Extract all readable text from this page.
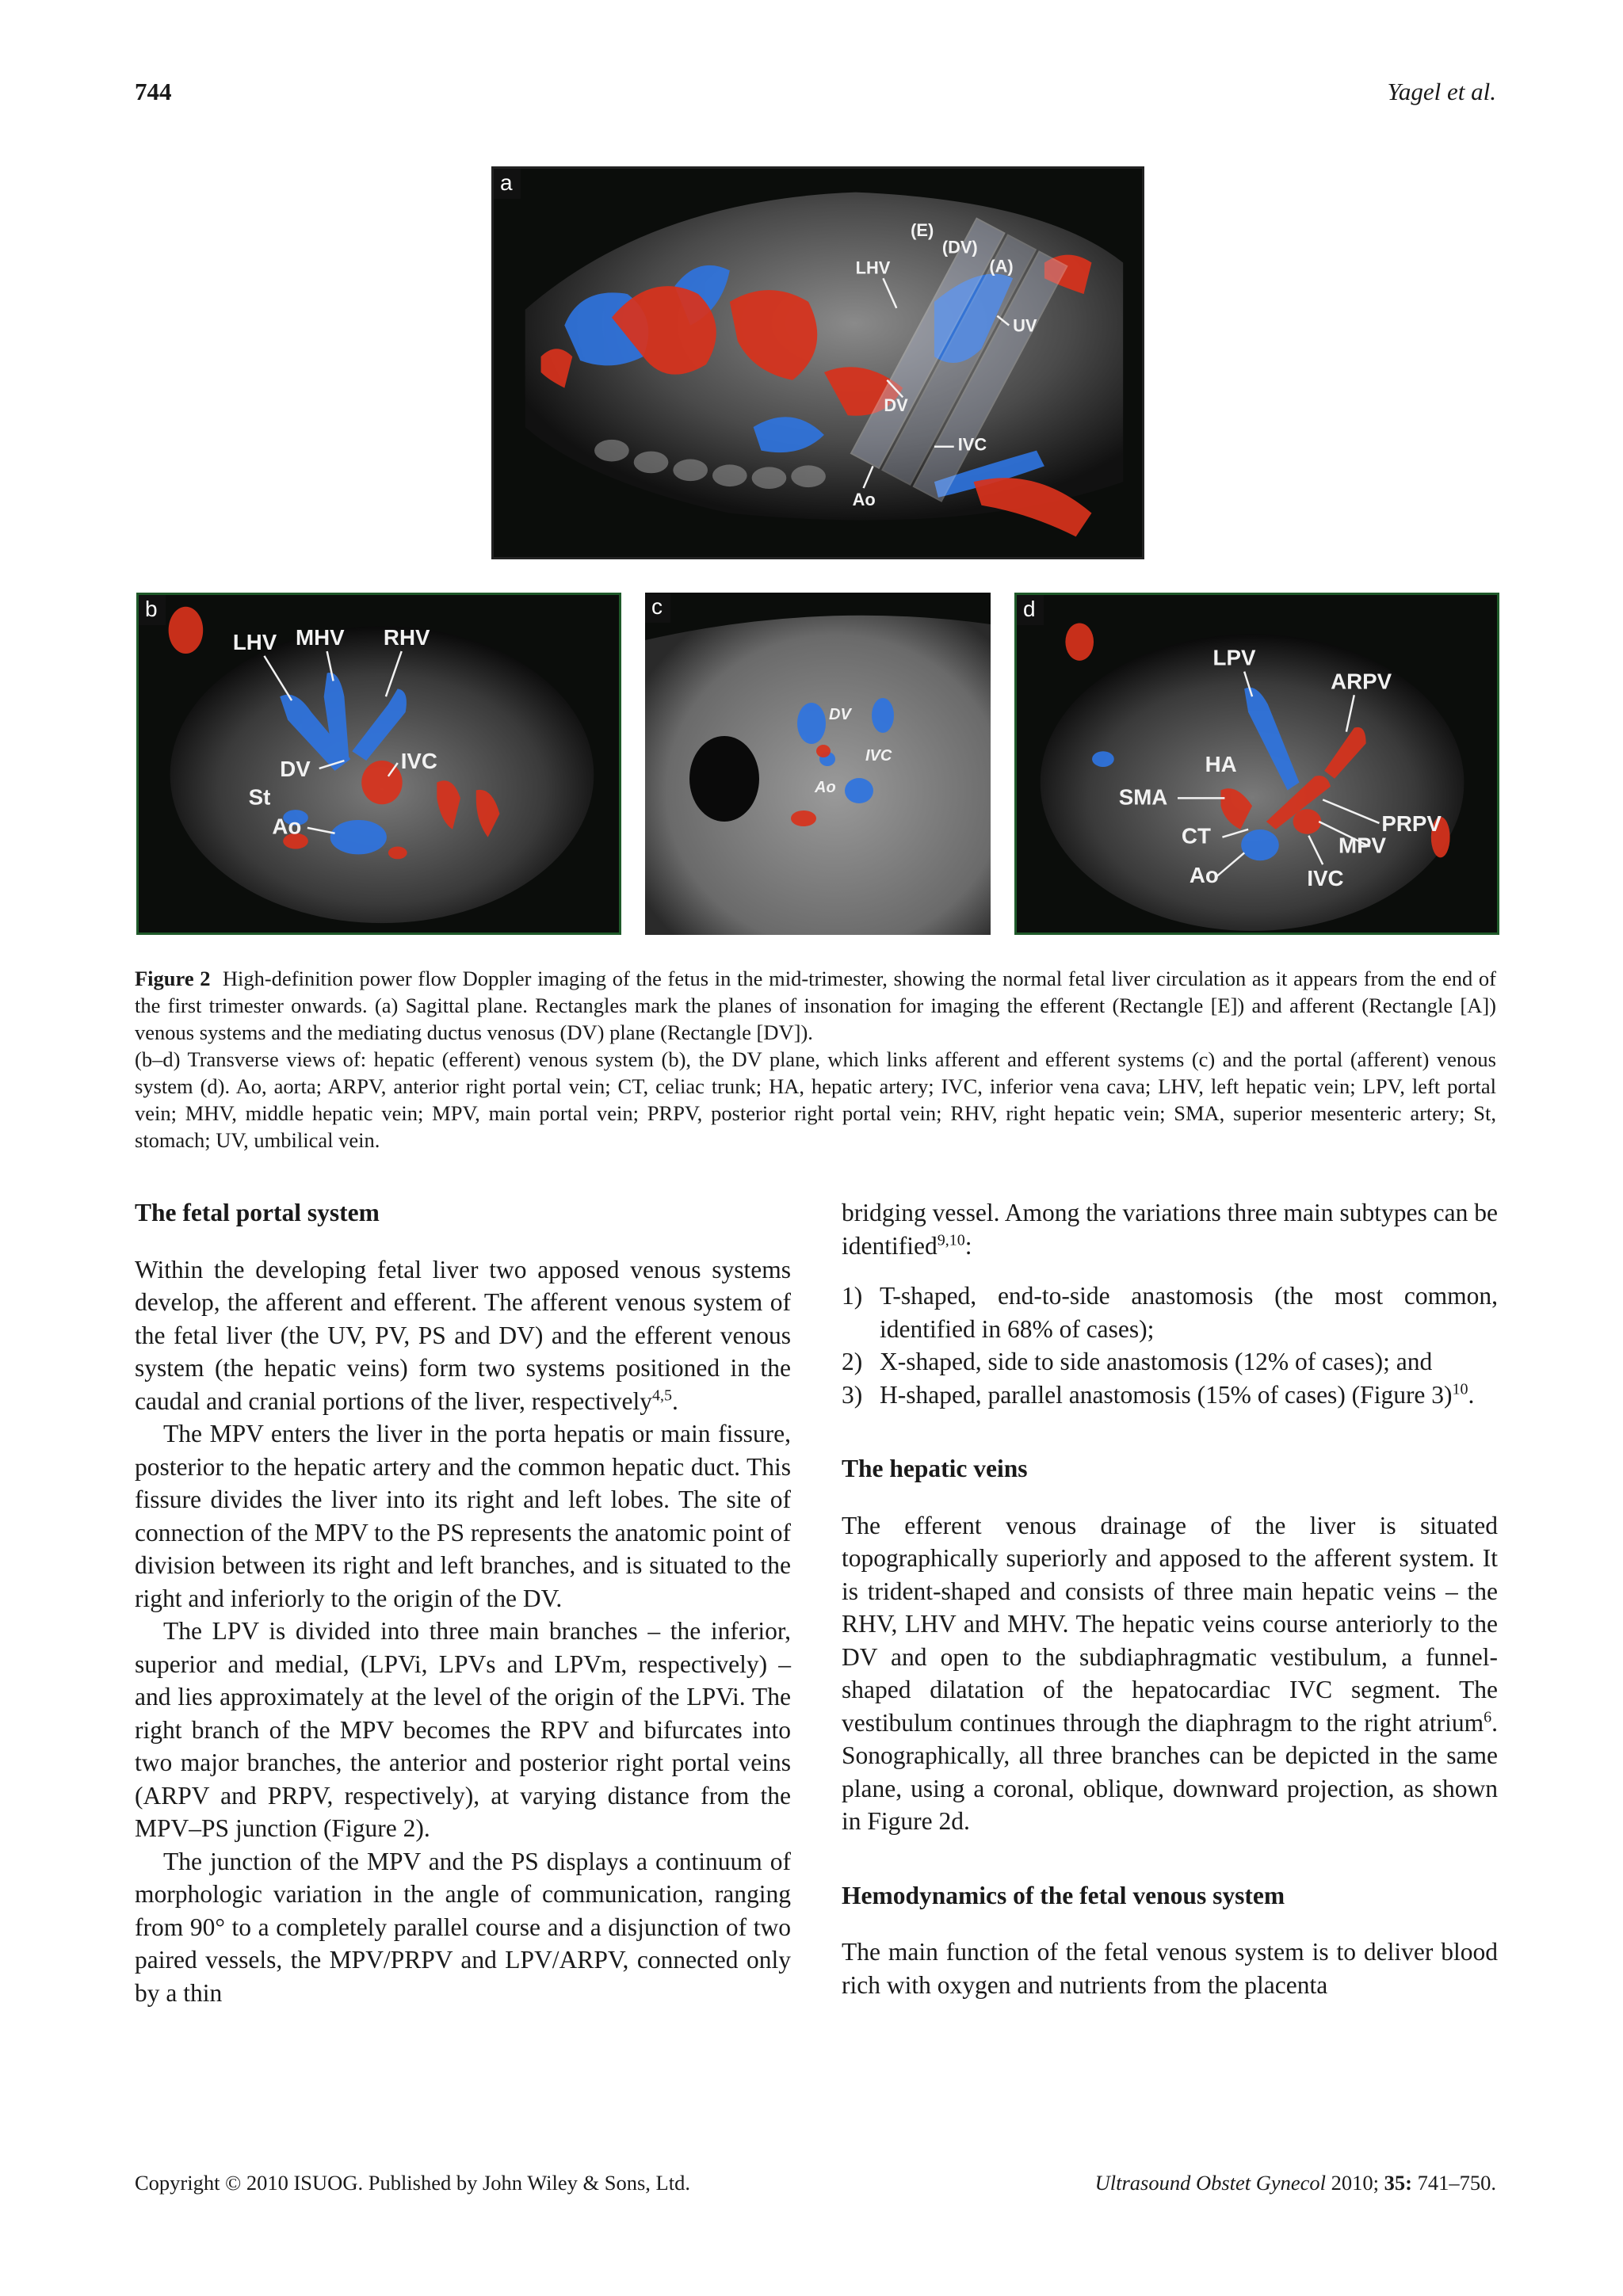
744	Yagel et al.
(E)
(DV)
(A)
LHV
UV
DV
IVC
Ao
a
LHV MHV RHV
DV	IVC
St
Ao
b
DV
IVC
Ao
c
LPV
ARPV
HA
SMA
PRPV
CT	MPV
Ao	IVC
d

Figure 2 High-definition power flow Doppler imaging of the fetus in the mid-trimester, showing the normal fetal liver circulation as it appears from the end of the first trimester onwards. (a) Sagittal plane. Rectangles mark the planes of insonation for imaging the efferent (Rectangle [E]) and afferent (Rectangle [A]) venous systems and the mediating ductus venosus (DV) plane (Rectangle [DV]).

(b–d) Transverse views of: hepatic (efferent) venous system (b), the DV plane, which links afferent and efferent systems (c) and the portal (afferent) venous system (d). Ao, aorta; ARPV, anterior right portal vein; CT, celiac trunk; HA, hepatic artery; IVC, inferior vena cava; LHV, left hepatic vein; LPV, left portal vein; MHV, middle hepatic vein; MPV, main portal vein; PRPV, posterior right portal vein; RHV, right hepatic vein; SMA, superior mesenteric artery; St, stomach; UV, umbilical vein.

The fetal portal system

Within the developing fetal liver two apposed venous systems develop, the afferent and efferent. The afferent venous system of the fetal liver (the UV, PV, PS and DV) and the efferent venous system (the hepatic veins) form two systems positioned in the caudal and cranial portions of the liver, respectively$^{4,5}$.

The MPV enters the liver in the porta hepatis or main fissure, posterior to the hepatic artery and the common hepatic duct. This fissure divides the liver into its right and left lobes. The site of connection of the MPV to the PS represents the anatomic point of division between its right and left branches, and is situated to the right and inferiorly to the origin of the DV.

The LPV is divided into three main branches – the inferior, superior and medial, (LPVi, LPVs and LPVm, respectively) – and lies approximately at the level of the origin of the LPVi. The right branch of the MPV becomes the RPV and bifurcates into two major branches, the anterior and posterior right portal veins (ARPV and PRPV, respectively), at varying distance from the MPV–PS junction (Figure 2).

The junction of the MPV and the PS displays a continuum of morphologic variation in the angle of communication, ranging from 90° to a completely parallel course and a disjunction of two paired vessels, the MPV/PRPV and LPV/ARPV, connected only by a thin

bridging vessel. Among the variations three main subtypes can be identified$^{9,10}$:

1) T-shaped, end-to-side anastomosis (the most common, identified in 68% of cases);
2) X-shaped, side to side anastomosis (12% of cases); and
3) H-shaped, parallel anastomosis (15% of cases) (Figure 3)$^{10}$.
The hepatic veins

The efferent venous drainage of the liver is situated topographically superiorly and apposed to the afferent system. It is trident-shaped and consists of three main hepatic veins – the RHV, LHV and MHV. The hepatic veins course anteriorly to the DV and open to the subdiaphragmatic vestibulum, a funnel-shaped dilatation of the hepatocardiac IVC segment. The vestibulum continues through the diaphragm to the right atrium$^6$. Sonographically, all three branches can be depicted in the same plane, using a coronal, oblique, downward projection, as shown in Figure 2d.

Hemodynamics of the fetal venous system

The main function of the fetal venous system is to deliver blood rich with oxygen and nutrients from the placenta

Copyright © 2010 ISUOG. Published by John Wiley & Sons, Ltd.	Ultrasound Obstet Gynecol 2010; 35: 741–750.
